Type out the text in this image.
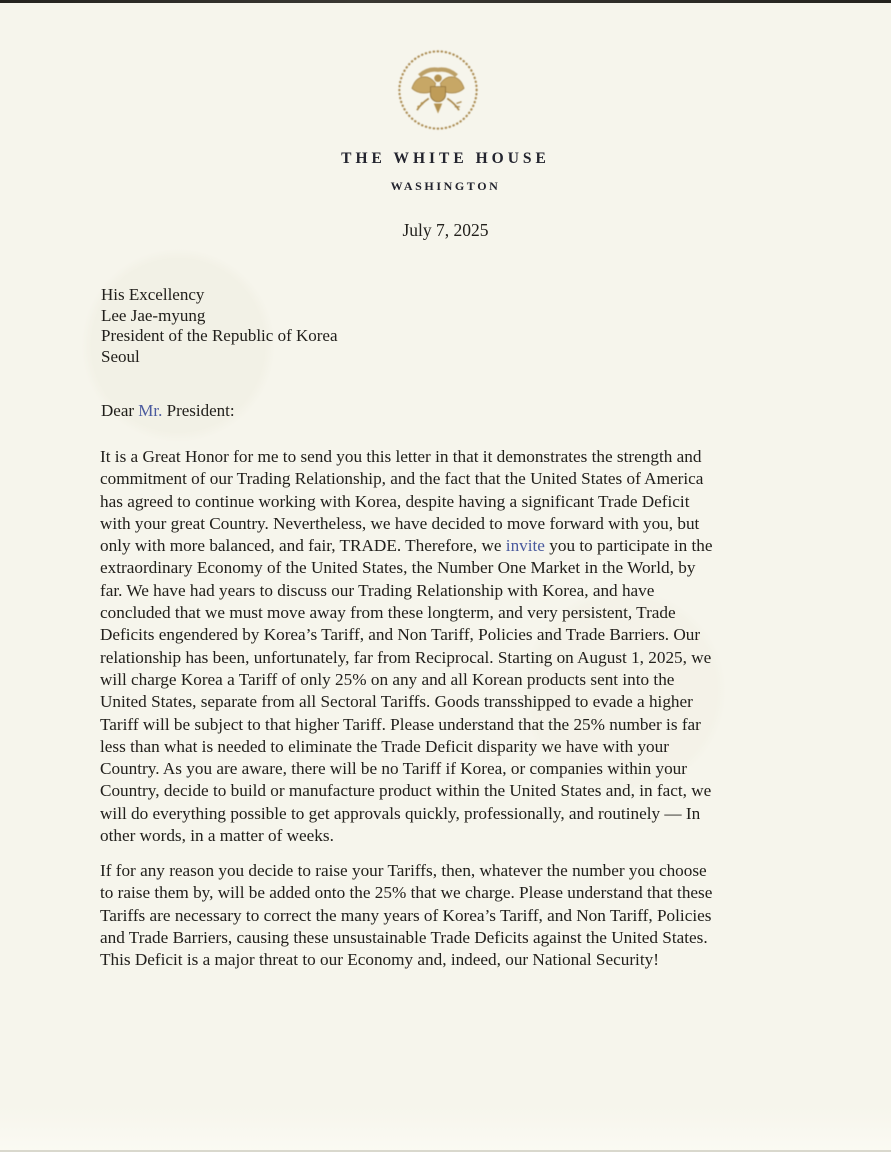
THE WHITE HOUSE
WASHINGTON
July 7, 2025
His Excellency
Lee Jae-myung
President of the Republic of Korea
Seoul
Dear Mr. President:
It is a Great Honor for me to send you this letter in that it demonstrates the strength and
commitment of our Trading Relationship, and the fact that the United States of America
has agreed to continue working with Korea, despite having a significant Trade Deficit
with your great Country. Nevertheless, we have decided to move forward with you, but
only with more balanced, and fair, TRADE. Therefore, we invite you to participate in the
extraordinary Economy of the United States, the Number One Market in the World, by
far. We have had years to discuss our Trading Relationship with Korea, and have
concluded that we must move away from these longterm, and very persistent, Trade
Deficits engendered by Korea’s Tariff, and Non Tariff, Policies and Trade Barriers. Our
relationship has been, unfortunately, far from Reciprocal. Starting on August 1, 2025, we
will charge Korea a Tariff of only 25% on any and all Korean products sent into the
United States, separate from all Sectoral Tariffs. Goods transshipped to evade a higher
Tariff will be subject to that higher Tariff. Please understand that the 25% number is far
less than what is needed to eliminate the Trade Deficit disparity we have with your
Country. As you are aware, there will be no Tariff if Korea, or companies within your
Country, decide to build or manufacture product within the United States and, in fact, we
will do everything possible to get approvals quickly, professionally, and routinely — In
other words, in a matter of weeks.
If for any reason you decide to raise your Tariffs, then, whatever the number you choose
to raise them by, will be added onto the 25% that we charge. Please understand that these
Tariffs are necessary to correct the many years of Korea’s Tariff, and Non Tariff, Policies
and Trade Barriers, causing these unsustainable Trade Deficits against the United States.
This Deficit is a major threat to our Economy and, indeed, our National Security!
